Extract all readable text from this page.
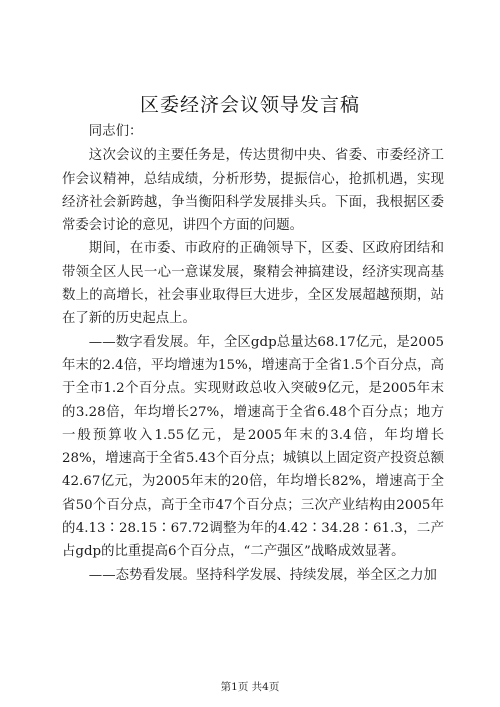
区委经济会议领导发言稿

同志们：

这次会议的主要任务是，传达贯彻中央、省委、市委经济工作会议精神，总结成绩，分析形势，提振信心，抢抓机遇，实现经济社会新跨越，争当衡阳科学发展排头兵。下面，我根据区委常委会讨论的意见，讲四个方面的问题。

期间，在市委、市政府的正确领导下，区委、区政府团结和带领全区人民一心一意谋发展，聚精会神搞建设，经济实现高基数上的高增长，社会事业取得巨大进步，全区发展超越预期，站在了新的历史起点上。

——数字看发展。年，全区gdp总量达68.17亿元，是2005年末的2.4倍，平均增速为15%，增速高于全省1.5个百分点，高于全市1.2个百分点。实现财政总收入突破9亿元，是2005年末的3.28倍，年均增长27%，增速高于全省6.48个百分点；地方一般预算收入1.55亿元，是2005年末的3.4倍，年均增长28%，增速高于全省5.43个百分点；城镇以上固定资产投资总额42.67亿元，为2005年末的20倍，年均增长82%，增速高于全省50个百分点，高于全市47个百分点；三次产业结构由2005年的4.13∶28.15∶67.72调整为年的4.42∶34.28∶61.3，二产占gdp的比重提高6个百分点，“二产强区”战略成效显著。

——态势看发展。坚持科学发展、持续发展，举全区之力加

第1页 共4页
